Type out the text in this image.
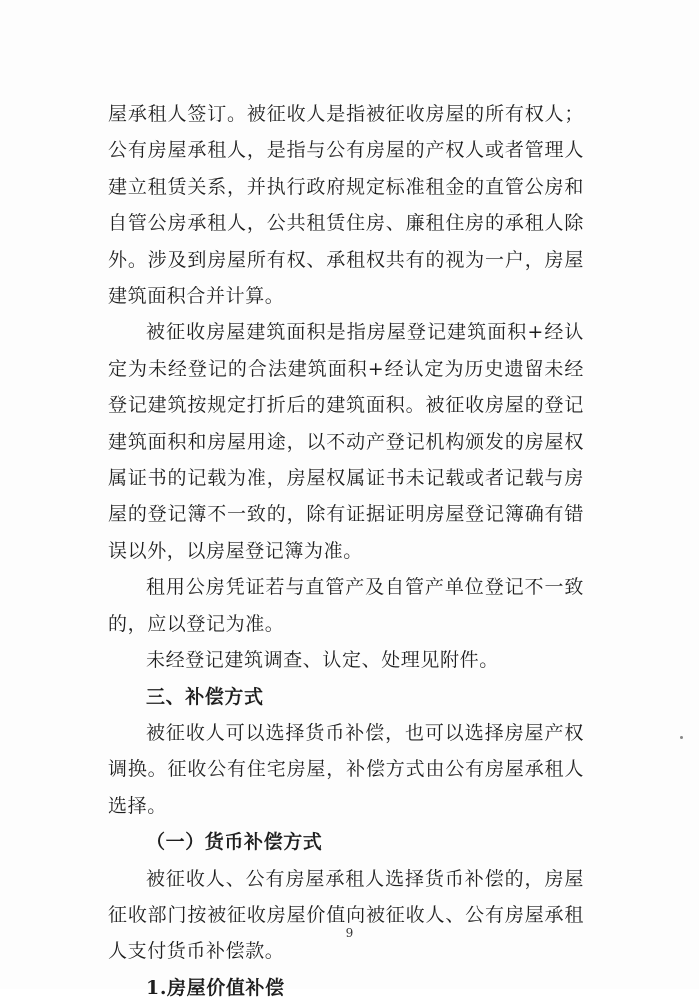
屋承租人签订。被征收人是指被征收房屋的所有权人；公有房屋承租人，是指与公有房屋的产权人或者管理人建立租赁关系，并执行政府规定标准租金的直管公房和自管公房承租人，公共租赁住房、廉租住房的承租人除外。涉及到房屋所有权、承租权共有的视为一户，房屋建筑面积合并计算。

被征收房屋建筑面积是指房屋登记建筑面积+经认定为未经登记的合法建筑面积+经认定为历史遗留未经登记建筑按规定打折后的建筑面积。被征收房屋的登记建筑面积和房屋用途，以不动产登记机构颁发的房屋权属证书的记载为准，房屋权属证书未记载或者记载与房屋的登记簿不一致的，除有证据证明房屋登记簿确有错误以外，以房屋登记簿为准。

租用公房凭证若与直管产及自管产单位登记不一致的，应以登记为准。

未经登记建筑调查、认定、处理见附件。

三、补偿方式

被征收人可以选择货币补偿，也可以选择房屋产权调换。征收公有住宅房屋，补偿方式由公有房屋承租人选择。

（一）货币补偿方式

被征收人、公有房屋承租人选择货币补偿的，房屋征收部门按被征收房屋价值向被征收人、公有房屋承租人支付货币补偿款。

1.房屋价值补偿

9
